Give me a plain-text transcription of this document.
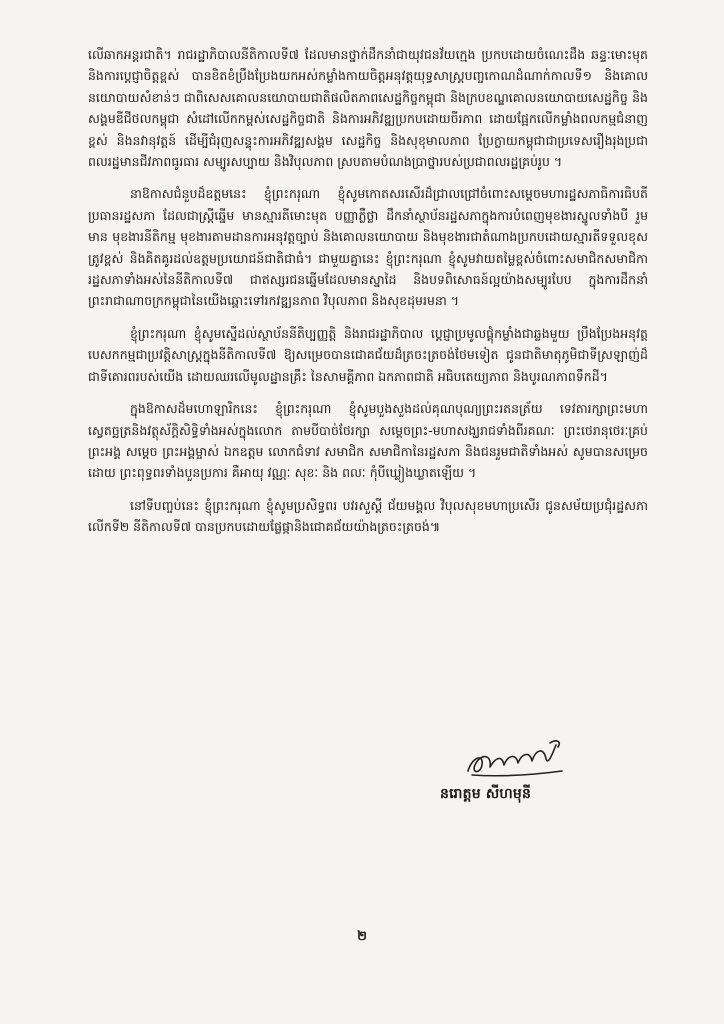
លើឆាកអន្តរជាតិ។ រាជរដ្ឋាភិបាលនីតិកាលទី៧ ដែលមានថ្នាក់ដឹកនាំជាយុវជនវ័យក្មេង ប្រកបដោយចំណេះដឹង ឆន្ទៈមោះមុតនិងការប្តេជ្ញាចិត្តខ្ពស់ បានខិតខំប្រឹងប្រែងយកអស់កម្លាំងកាយចិត្តអនុវត្តយុទ្ធសាស្ត្របញ្ចកោណដំណាក់កាលទី១ និងគោលនយោបាយសំខាន់ៗ ជាពិសេសគោលនយោបាយជាតិផលិតភាពសេដ្ឋកិច្ចកម្ពុជា និងក្របខណ្ឌគោលនយោបាយសេដ្ឋកិច្ច និងសង្គមឌីជីថលកម្ពុជា សំដៅលើកកម្ពស់សេដ្ឋកិច្ចជាតិ និងការអភិវឌ្ឍប្រកបដោយចីរភាព ដោយផ្អែកលើកម្លាំងពលកម្មជំនាញខ្ពស់ និងនវានុវត្តន៍ ដើម្បីជំរុញសន្ទុះការអភិវឌ្ឍសង្គម សេដ្ឋកិច្ច និងសុខុមាលភាព ប្រែក្លាយកម្ពុជាជាប្រទេសរឿងរុងប្រជាពលរដ្ឋមានជីវភាពធូរធារ សម្បូរសប្បាយ និងវិបុលភាព ស្របតាមបំណងប្រាថ្នារបស់ប្រជាពលរដ្ឋគ្រប់រូប ។

នាឱកាសជំនួបដ៏ឧត្តមនេះ ខ្ញុំព្រះករុណា ខ្ញុំសូមកោតសរសើរដ៏ជ្រាលជ្រៅចំពោះសម្តេចមហារដ្ឋសភាធិការធិបតី ប្រធានរដ្ឋសភា ដែលជាស្ត្រីឆ្នើម មានស្មារតីមោះមុត បញ្ញាភ្លឺថ្លា ដឹកនាំស្ថាប័នរដ្ឋសភាក្នុងការបំពេញមុខងារស្នូលទាំងបី រួមមាន មុខងារនីតិកម្ម មុខងារតាមដានការអនុវត្តច្បាប់ និងគោលនយោបាយ និងមុខងារជាតំណាងប្រកបដោយស្មារតីទទួលខុសត្រូវខ្ពស់ និងគិតគូរដល់ឧត្តមប្រយោជន៍ជាតិជាធំ។ ជាមួយគ្នានេះ ខ្ញុំព្រះករុណា ខ្ញុំសូមវាយតម្លៃខ្ពស់ចំពោះសមាជិកសមាជិការដ្ឋសភាទាំងអស់នៃនីតិកាលទី៧ ជាឥស្សរជនឆ្នើមដែលមានស្នាដៃ និងបទពិសោធន៍ល្អយ៉ាងសម្បូរបែប ក្នុងការដឹកនាំព្រះរាជាណាចក្រកម្ពុជានៃយើងឆ្ពោះទៅរកវឌ្ឍនភាព វិបុលភាព និងសុខដុមរមនា ។

ខ្ញុំព្រះករុណា ខ្ញុំសូមស្នើដល់ស្ថាប័ននីតិប្បញ្ញត្តិ និងរាជរដ្ឋាភិបាល ប្តេជ្ញាប្រមូលផ្តុំកម្លាំងជាឆ្លងមួយ ប្រឹងប្រែងអនុវត្តបេសកកម្មជាប្រវត្តិសាស្ត្រក្នុងនីតិកាលទី៧ ឱ្យសម្រេចបានជោគជ័យដ៏ត្រចះត្រចង់ថែមទៀត ជូនជាតិមាតុភូមិជាទីស្រឡាញ់ដ៏ជាទីគោរពរបស់យើង ដោយឈរលើមូលដ្ឋានគ្រឹះ នៃសាមគ្គីភាព ឯកភាពជាតិ អធិបតេយ្យភាព និងបូរណភាពទឹកដី។

ក្នុងឱកាសដ៏មហោឡារិកនេះ ខ្ញុំព្រះករុណា ខ្ញុំសូមបួងសួងដល់គុណបុណ្យព្រះរតនត្រ័យ ទេវតារក្សាព្រះមហាស្វេតច្ឆត្រនិងវត្ថុស័ក្តិសិទ្ធិទាំងអស់ក្នុងលោក តាមបីបាច់ថែរក្សា សម្តេចព្រះ-មហាសង្ឃរាជទាំងពីរគណៈ ព្រះថេរានុថេរៈគ្រប់ព្រះអង្គ សម្តេច ព្រះអង្គម្ចាស់ ឯកឧត្តម លោកជំទាវ សមាជិក សមាជិកានៃរដ្ឋសភា និងជនរួមជាតិទាំងអស់ សូមបានសម្រេចដោយ ព្រះពុទ្ធពរទាំងបួនប្រការ គឺអាយុ វណ្ណៈ សុខៈ និង ពលៈ កុំបីឃ្លៀងឃ្លាតឡើយ ។

នៅទីបញ្ចប់នេះ ខ្ញុំព្រះករុណា ខ្ញុំសូមប្រសិទ្ធពរ បវរសួស្តី ជ័យមង្គល វិបុលសុខមហាប្រសើរ ជូនសម័យប្រជុំរដ្ឋសភាលើកទី២ នីតិកាលទី៧ បានប្រកបដោយផ្លែផ្កានិងជោគជ័យយ៉ាងត្រចះត្រចង់៕

នរោត្តម សីហមុនី
២
